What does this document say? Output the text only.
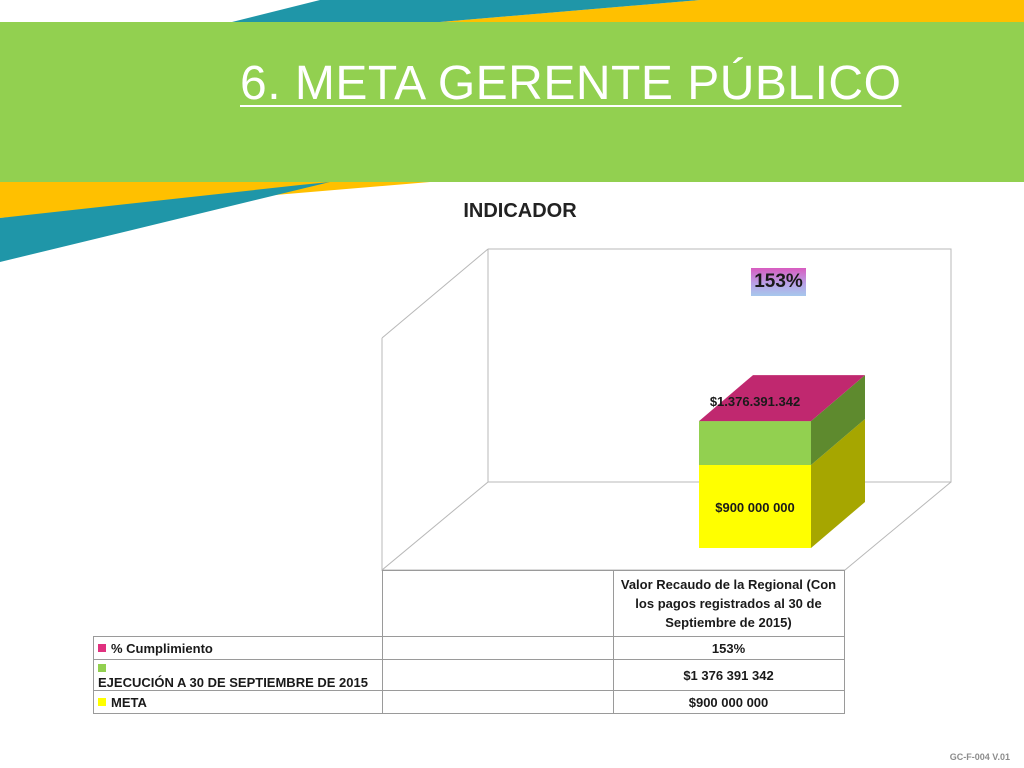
6. META GERENTE PÚBLICO
INDICADOR
153%
$1.376.391.342
$900 000 000
		Valor Recaudo de la Regional (Con los pagos registrados al 30 de Septiembre de 2015)
% Cumplimiento		153%
EJECUCIÓN A 30 DE SEPTIEMBRE DE 2015		$1 376 391 342
META		$900 000 000
GC-F-004 V.01
